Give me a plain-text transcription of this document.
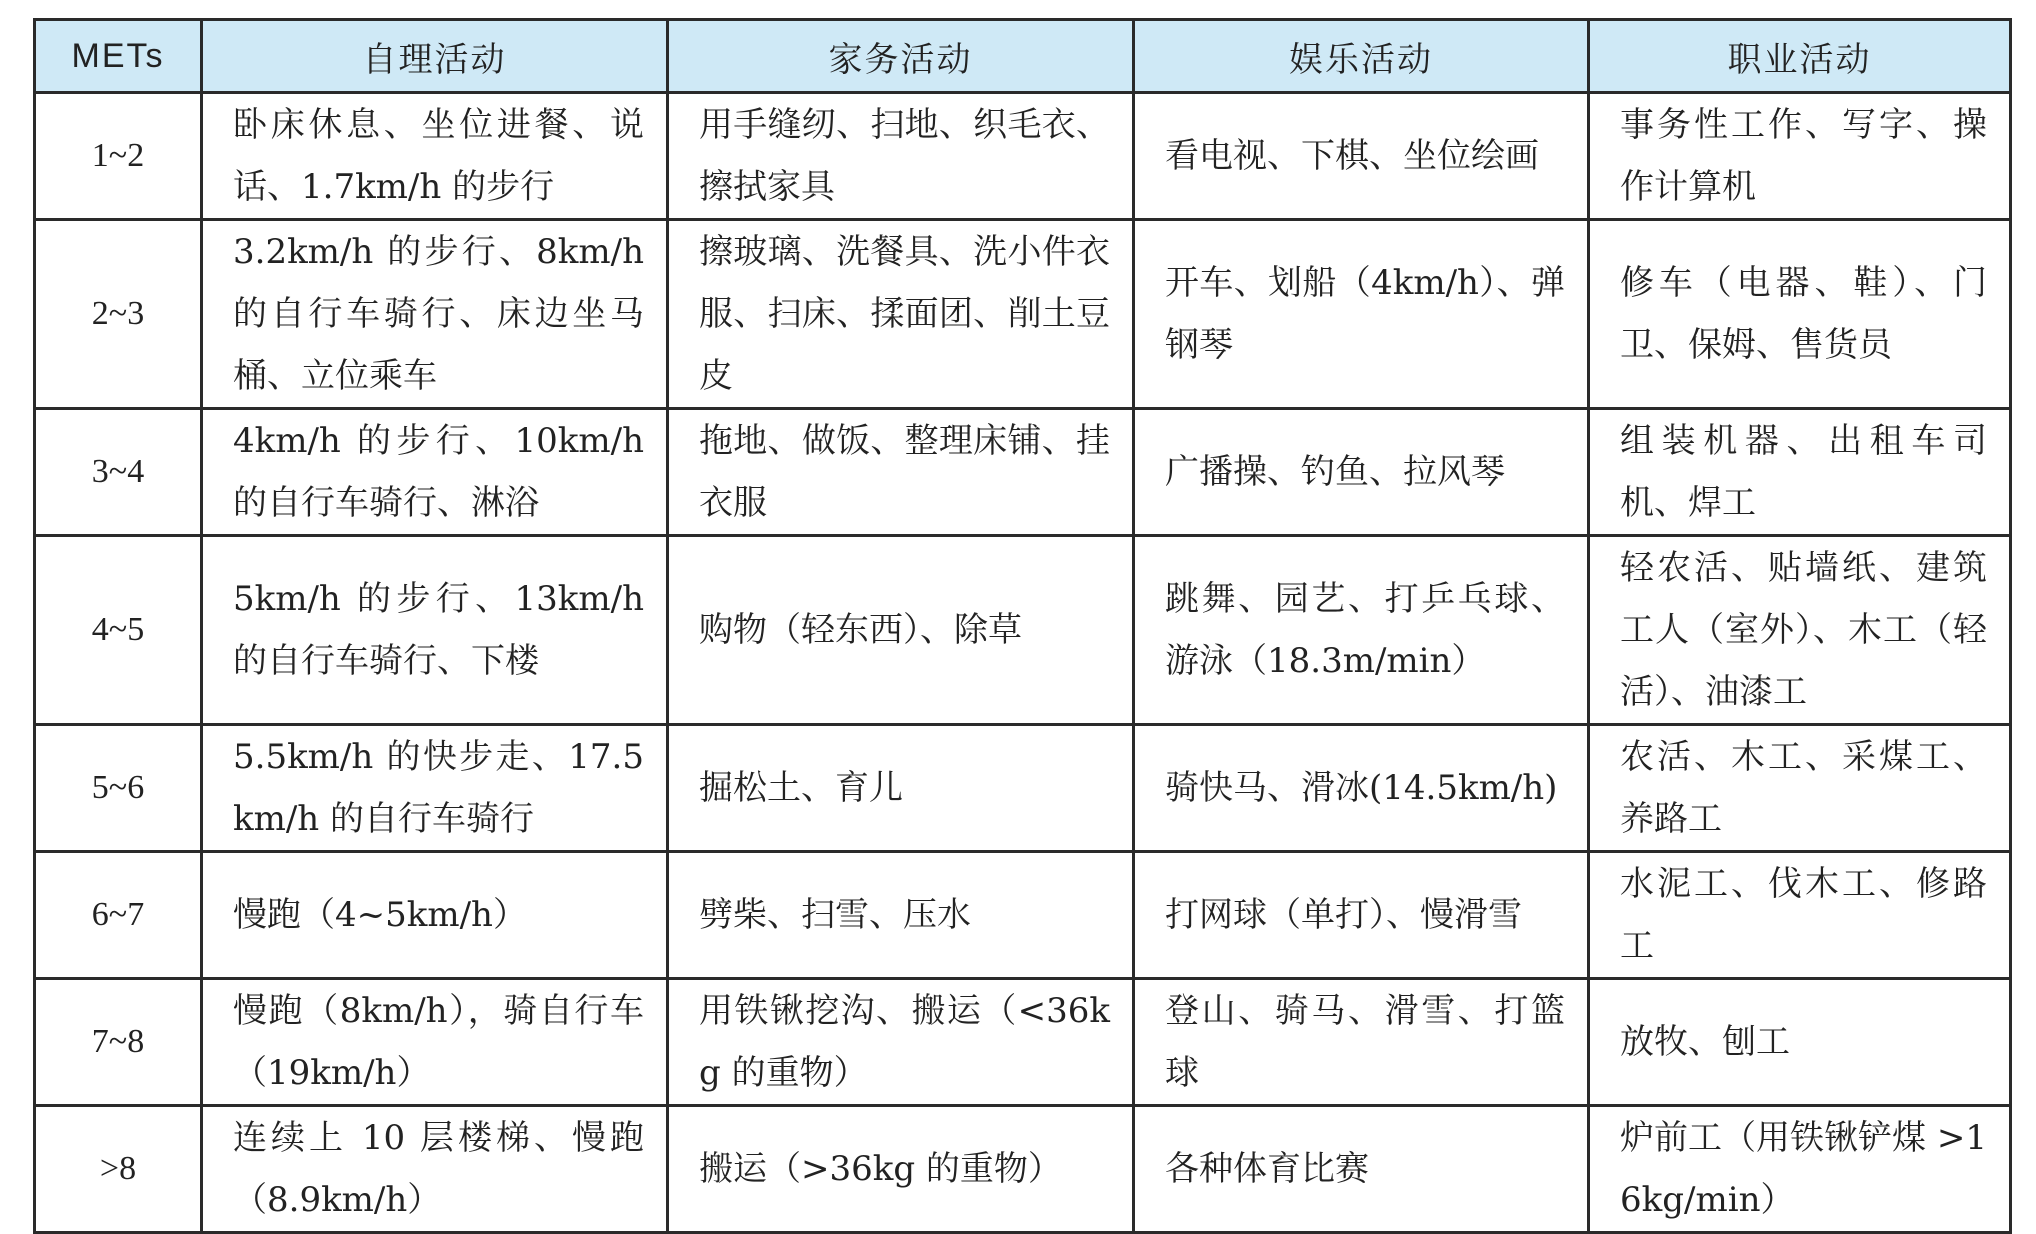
METs	自理活动	家务活动	娱乐活动	职业活动
1~2	卧床休息、坐位进餐、说话、1.7km/h 的步行	用手缝纫、扫地、织毛衣、擦拭家具	看电视、下棋、坐位绘画	事务性工作、写字、操作计算机
2~3	3.2km/h 的步行、8km/h 的自行车骑行、床边坐马桶、立位乘车	擦玻璃、洗餐具、洗小件衣服、扫床、揉面团、削土豆皮	开车、划船（4km/h）、弹钢琴	修车（电器、鞋）、门卫、保姆、售货员
3~4	4km/h 的步行、10km/h 的自行车骑行、淋浴	拖地、做饭、整理床铺、挂衣服	广播操、钓鱼、拉风琴	组装机器、出租车司机、焊工
4~5	5km/h 的步行、13km/h 的自行车骑行、下楼	购物（轻东西）、除草	跳舞、园艺、打乒乓球、游泳（18.3m/min）	轻农活、贴墙纸、建筑工人（室外）、木工（轻活）、油漆工
5~6	5.5km/h 的快步走、17.5km/h 的自行车骑行	掘松土、育儿	骑快马、滑冰(14.5km/h)	农活、木工、采煤工、养路工
6~7	慢跑（4~5km/h）	劈柴、扫雪、压水	打网球（单打）、慢滑雪	水泥工、伐木工、修路工
7~8	慢跑（8km/h），骑自行车（19km/h）	用铁锹挖沟、搬运（<36kg 的重物）	登山、骑马、滑雪、打篮球	放牧、刨工
>8	连续上 10 层楼梯、慢跑（8.9km/h）	搬运（>36kg 的重物）	各种体育比赛	炉前工（用铁锹铲煤 >16kg/min）
